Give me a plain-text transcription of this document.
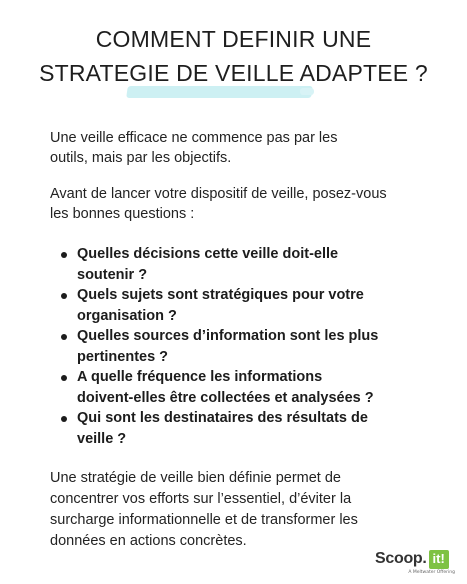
COMMENT DEFINIR UNE
STRATEGIE DE VEILLE ADAPTEE ?
Une veille efficace ne commence pas par les
outils, mais par les objectifs.
Avant de lancer votre dispositif de veille, posez-vous
les bonnes questions :
Quelles décisions cette veille doit-elle
soutenir ?
Quels sujets sont stratégiques pour votre
organisation ?
Quelles sources d’information sont les plus
pertinentes ?
A quelle fréquence les informations
doivent-elles être collectées et analysées ?
Qui sont les destinataires des résultats de
veille ?
Une stratégie de veille bien définie permet de
concentrer vos efforts sur l’essentiel, d’éviter la
surcharge informationnelle et de transformer les
données en actions concrètes.
Scoop. it!
A Meltwater Offering
